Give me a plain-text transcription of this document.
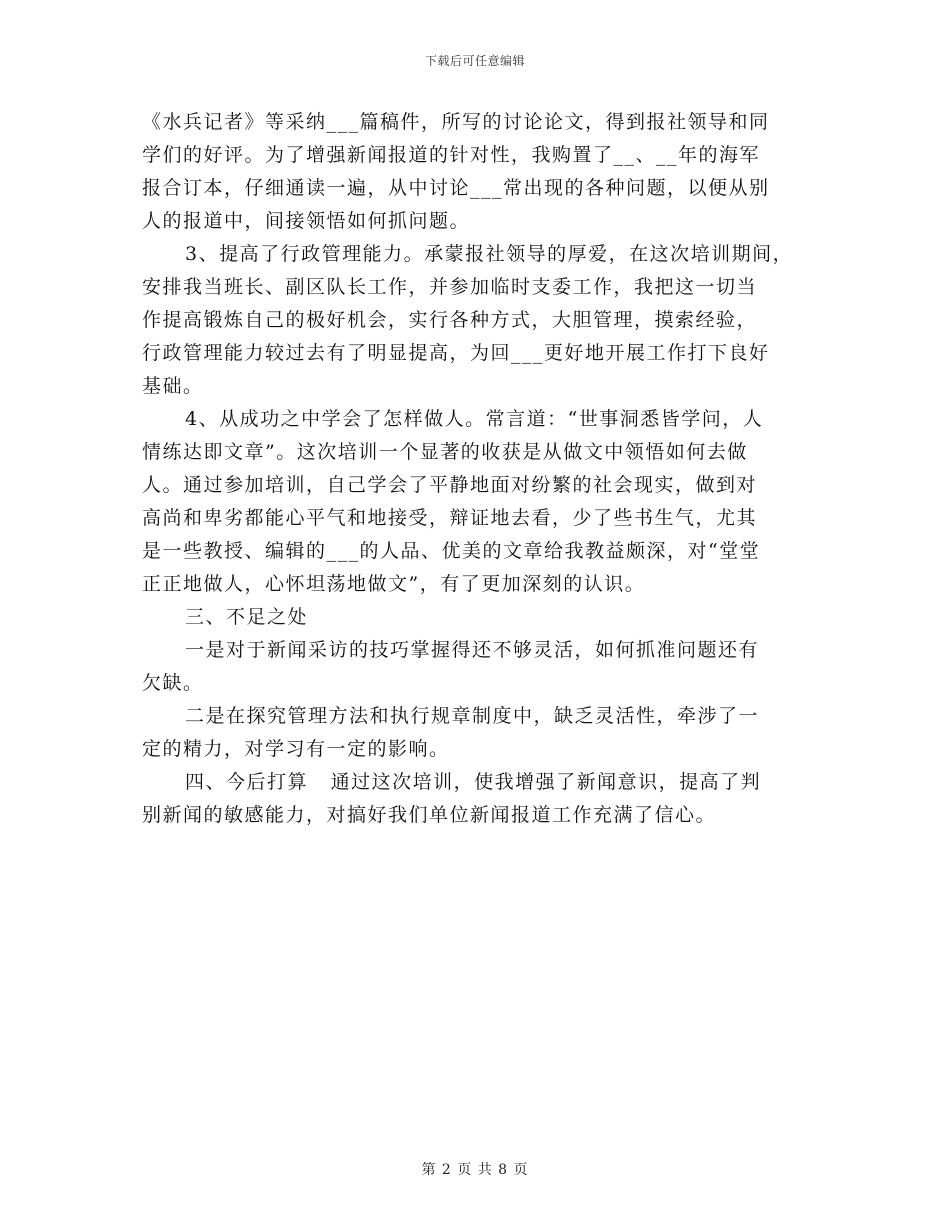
下载后可任意编辑
《水兵记者》等采纳___篇稿件，所写的讨论论文，得到报社领导和同
学们的好评。为了增强新闻报道的针对性，我购置了__、__年的海军
报合订本，仔细通读一遍，从中讨论___常出现的各种问题，以便从别
人的报道中，间接领悟如何抓问题。
3、提高了行政管理能力。承蒙报社领导的厚爱，在这次培训期间，
安排我当班长、副区队长工作，并参加临时支委工作，我把这一切当
作提高锻炼自己的极好机会，实行各种方式，大胆管理，摸索经验，
行政管理能力较过去有了明显提高，为回___更好地开展工作打下良好
基础。
4、从成功之中学会了怎样做人。常言道：“世事洞悉皆学问，人
情练达即文章”。这次培训一个显著的收获是从做文中领悟如何去做
人。通过参加培训，自己学会了平静地面对纷繁的社会现实，做到对
高尚和卑劣都能心平气和地接受，辩证地去看，少了些书生气，尤其
是一些教授、编辑的___的人品、优美的文章给我教益颇深，对“堂堂
正正地做人，心怀坦荡地做文”，有了更加深刻的认识。
三、不足之处
一是对于新闻采访的技巧掌握得还不够灵活，如何抓准问题还有
欠缺。
二是在探究管理方法和执行规章制度中，缺乏灵活性，牵涉了一
定的精力，对学习有一定的影响。
四、今后打算   通过这次培训，使我增强了新闻意识，提高了判
别新闻的敏感能力，对搞好我们单位新闻报道工作充满了信心。
第 2 页 共 8 页
